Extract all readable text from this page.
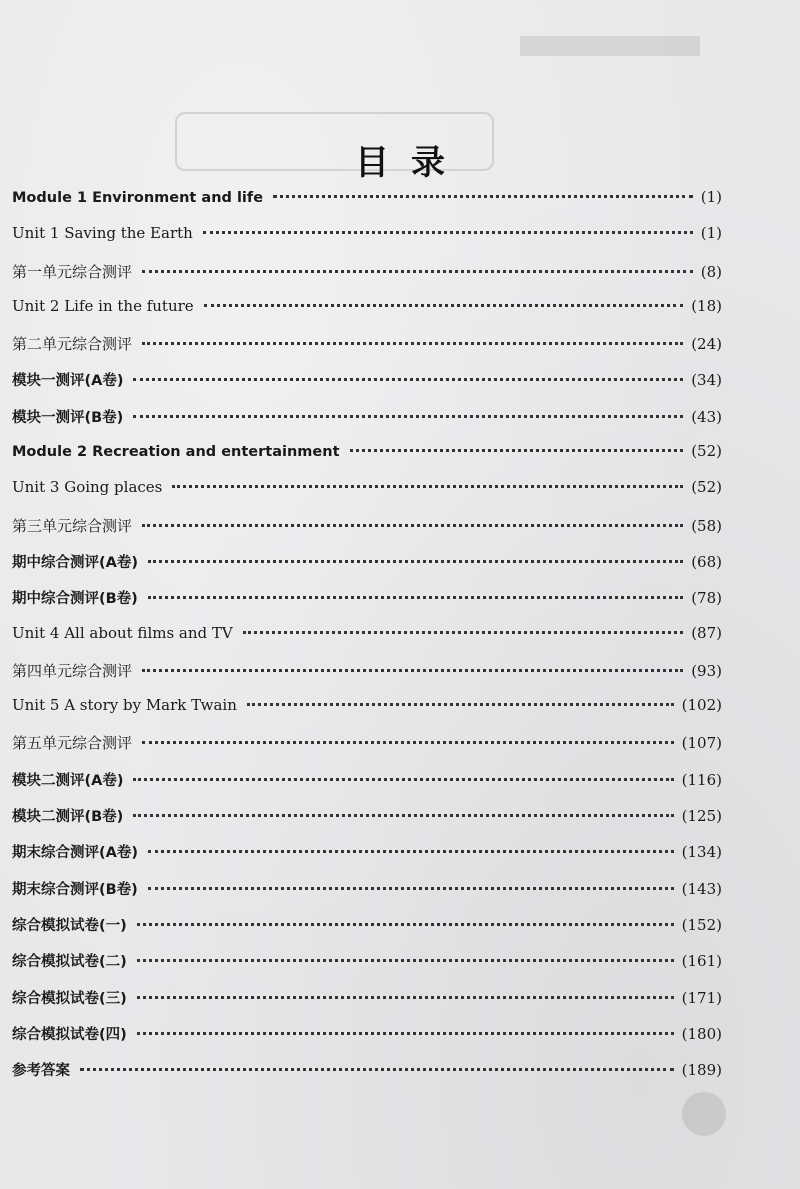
目录
Module 1 Environment and life	(1)
Unit 1 Saving the Earth	(1)
第一单元综合测评	(8)
Unit 2 Life in the future	(18)
第二单元综合测评	(24)
模块一测评(A卷)	(34)
模块一测评(B卷)	(43)
Module 2 Recreation and entertainment	(52)
Unit 3 Going places	(52)
第三单元综合测评	(58)
期中综合测评(A卷)	(68)
期中综合测评(B卷)	(78)
Unit 4 All about films and TV	(87)
第四单元综合测评	(93)
Unit 5 A story by Mark Twain	(102)
第五单元综合测评	(107)
模块二测评(A卷)	(116)
模块二测评(B卷)	(125)
期末综合测评(A卷)	(134)
期末综合测评(B卷)	(143)
综合模拟试卷(一)	(152)
综合模拟试卷(二)	(161)
综合模拟试卷(三)	(171)
综合模拟试卷(四)	(180)
参考答案	(189)
